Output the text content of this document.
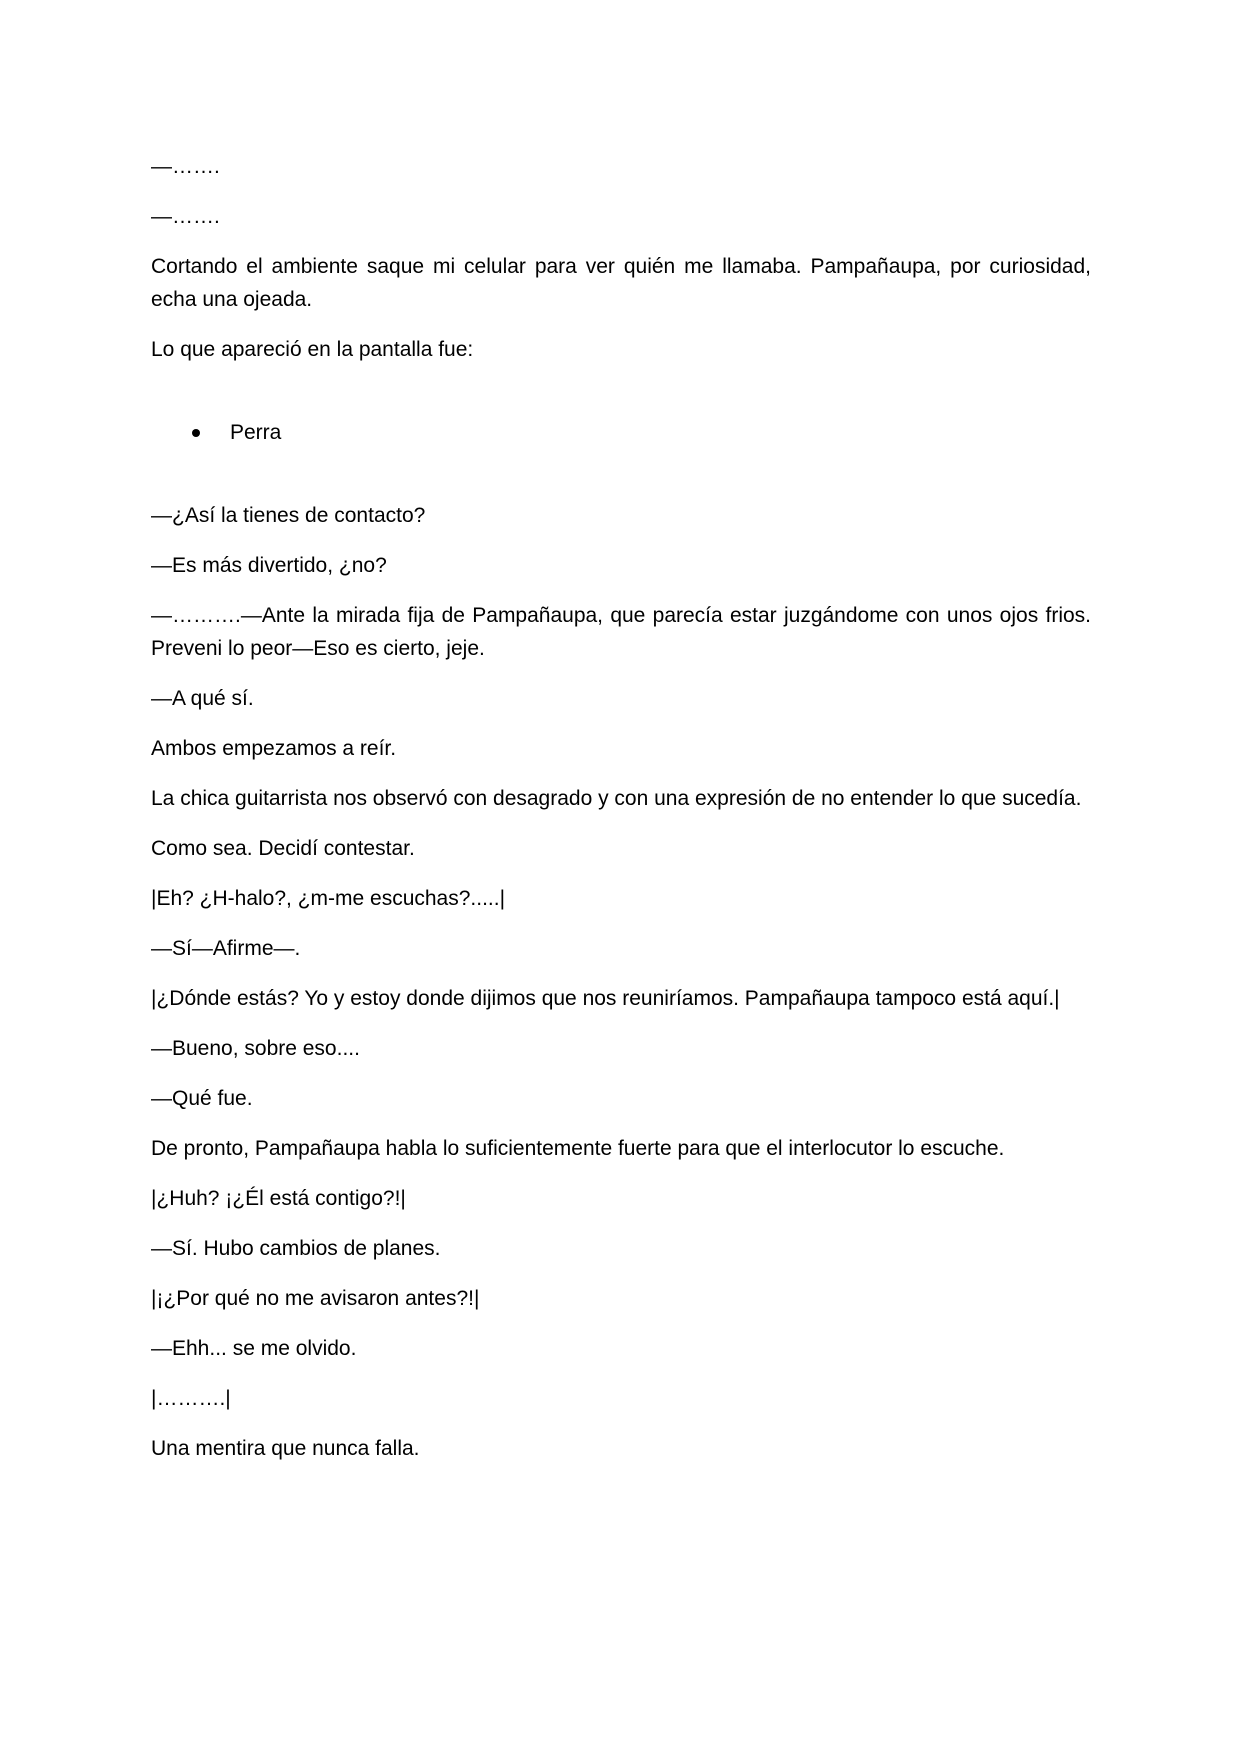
—…….

—…….

Cortando el ambiente saque mi celular para ver quién me llamaba. Pampañaupa, por curiosidad, echa una ojeada.

Lo que apareció en la pantalla fue:

Perra

—¿Así la tienes de contacto?

—Es más divertido, ¿no?

—……….—Ante la mirada fija de Pampañaupa, que parecía estar juzgándome con unos ojos frios.  Preveni lo peor—Eso es cierto, jeje.

—A qué sí.

Ambos empezamos a reír.

La chica guitarrista nos observó con desagrado y con una expresión de no entender lo que sucedía.

Como sea. Decidí contestar.

|Eh? ¿H-halo?, ¿m-me escuchas?.....|

—Sí—Afirme—.

|¿Dónde estás? Yo y estoy donde dijimos que nos reuniríamos. Pampañaupa tampoco está aquí.|

—Bueno, sobre eso....

—Qué fue.

De pronto, Pampañaupa habla lo suficientemente fuerte para que el interlocutor lo escuche.

|¿Huh? ¡¿Él está contigo?!|

—Sí. Hubo cambios de planes.

|¡¿Por qué no me avisaron antes?!|

—Ehh... se me olvido.

|……….|

Una mentira que nunca falla.
